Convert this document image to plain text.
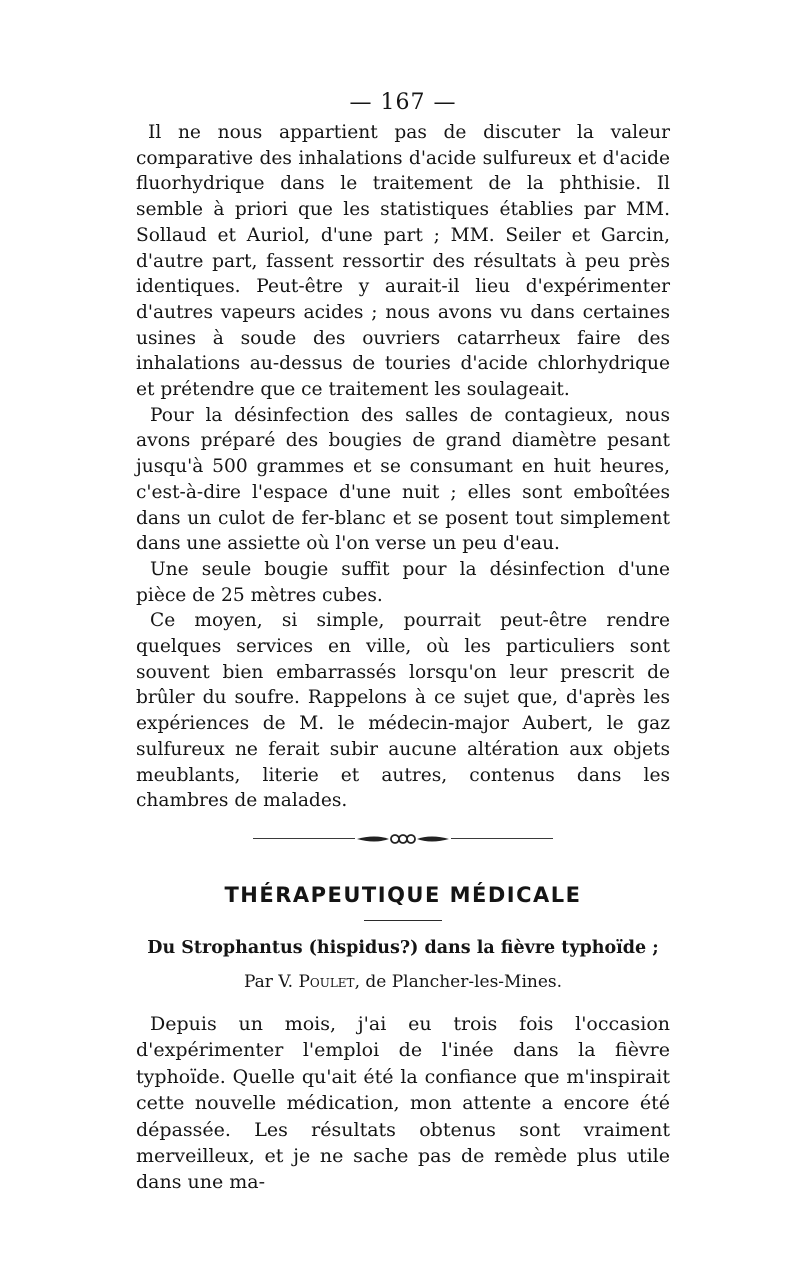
— 167 —

Il ne nous appartient pas de discuter la valeur comparative des inhalations d'acide sulfureux et d'acide fluorhydrique dans le traitement de la phthisie. Il semble à priori que les statistiques établies par MM. Sollaud et Auriol, d'une part ; MM. Seiler et Garcin, d'autre part, fassent ressortir des résultats à peu près identiques. Peut-être y aurait-il lieu d'expérimenter d'autres vapeurs acides ; nous avons vu dans certaines usines à soude des ouvriers catarrheux faire des inhalations au-dessus de touries d'acide chlorhydrique et prétendre que ce traitement les soulageait.

Pour la désinfection des salles de contagieux, nous avons préparé des bougies de grand diamètre pesant jusqu'à 500 grammes et se consumant en huit heures, c'est-à-dire l'espace d'une nuit ; elles sont emboîtées dans un culot de fer-blanc et se posent tout simplement dans une assiette où l'on verse un peu d'eau.

Une seule bougie suffit pour la désinfection d'une pièce de 25 mètres cubes.

Ce moyen, si simple, pourrait peut-être rendre quelques services en ville, où les particuliers sont souvent bien embarrassés lorsqu'on leur prescrit de brûler du soufre. Rappelons à ce sujet que, d'après les expériences de M. le médecin-major Aubert, le gaz sulfureux ne ferait subir aucune altération aux objets meublants, literie et autres, contenus dans les chambres de malades.

THÉRAPEUTIQUE MÉDICALE
Du Strophantus (hispidus?) dans la fièvre typhoïde ;
Par V. Poulet, de Plancher-les-Mines.

Depuis un mois, j'ai eu trois fois l'occasion d'expérimenter l'emploi de l'inée dans la fièvre typhoïde. Quelle qu'ait été la confiance que m'inspirait cette nouvelle médication, mon attente a encore été dépassée. Les résultats obtenus sont vraiment merveilleux, et je ne sache pas de remède plus utile dans une ma-
